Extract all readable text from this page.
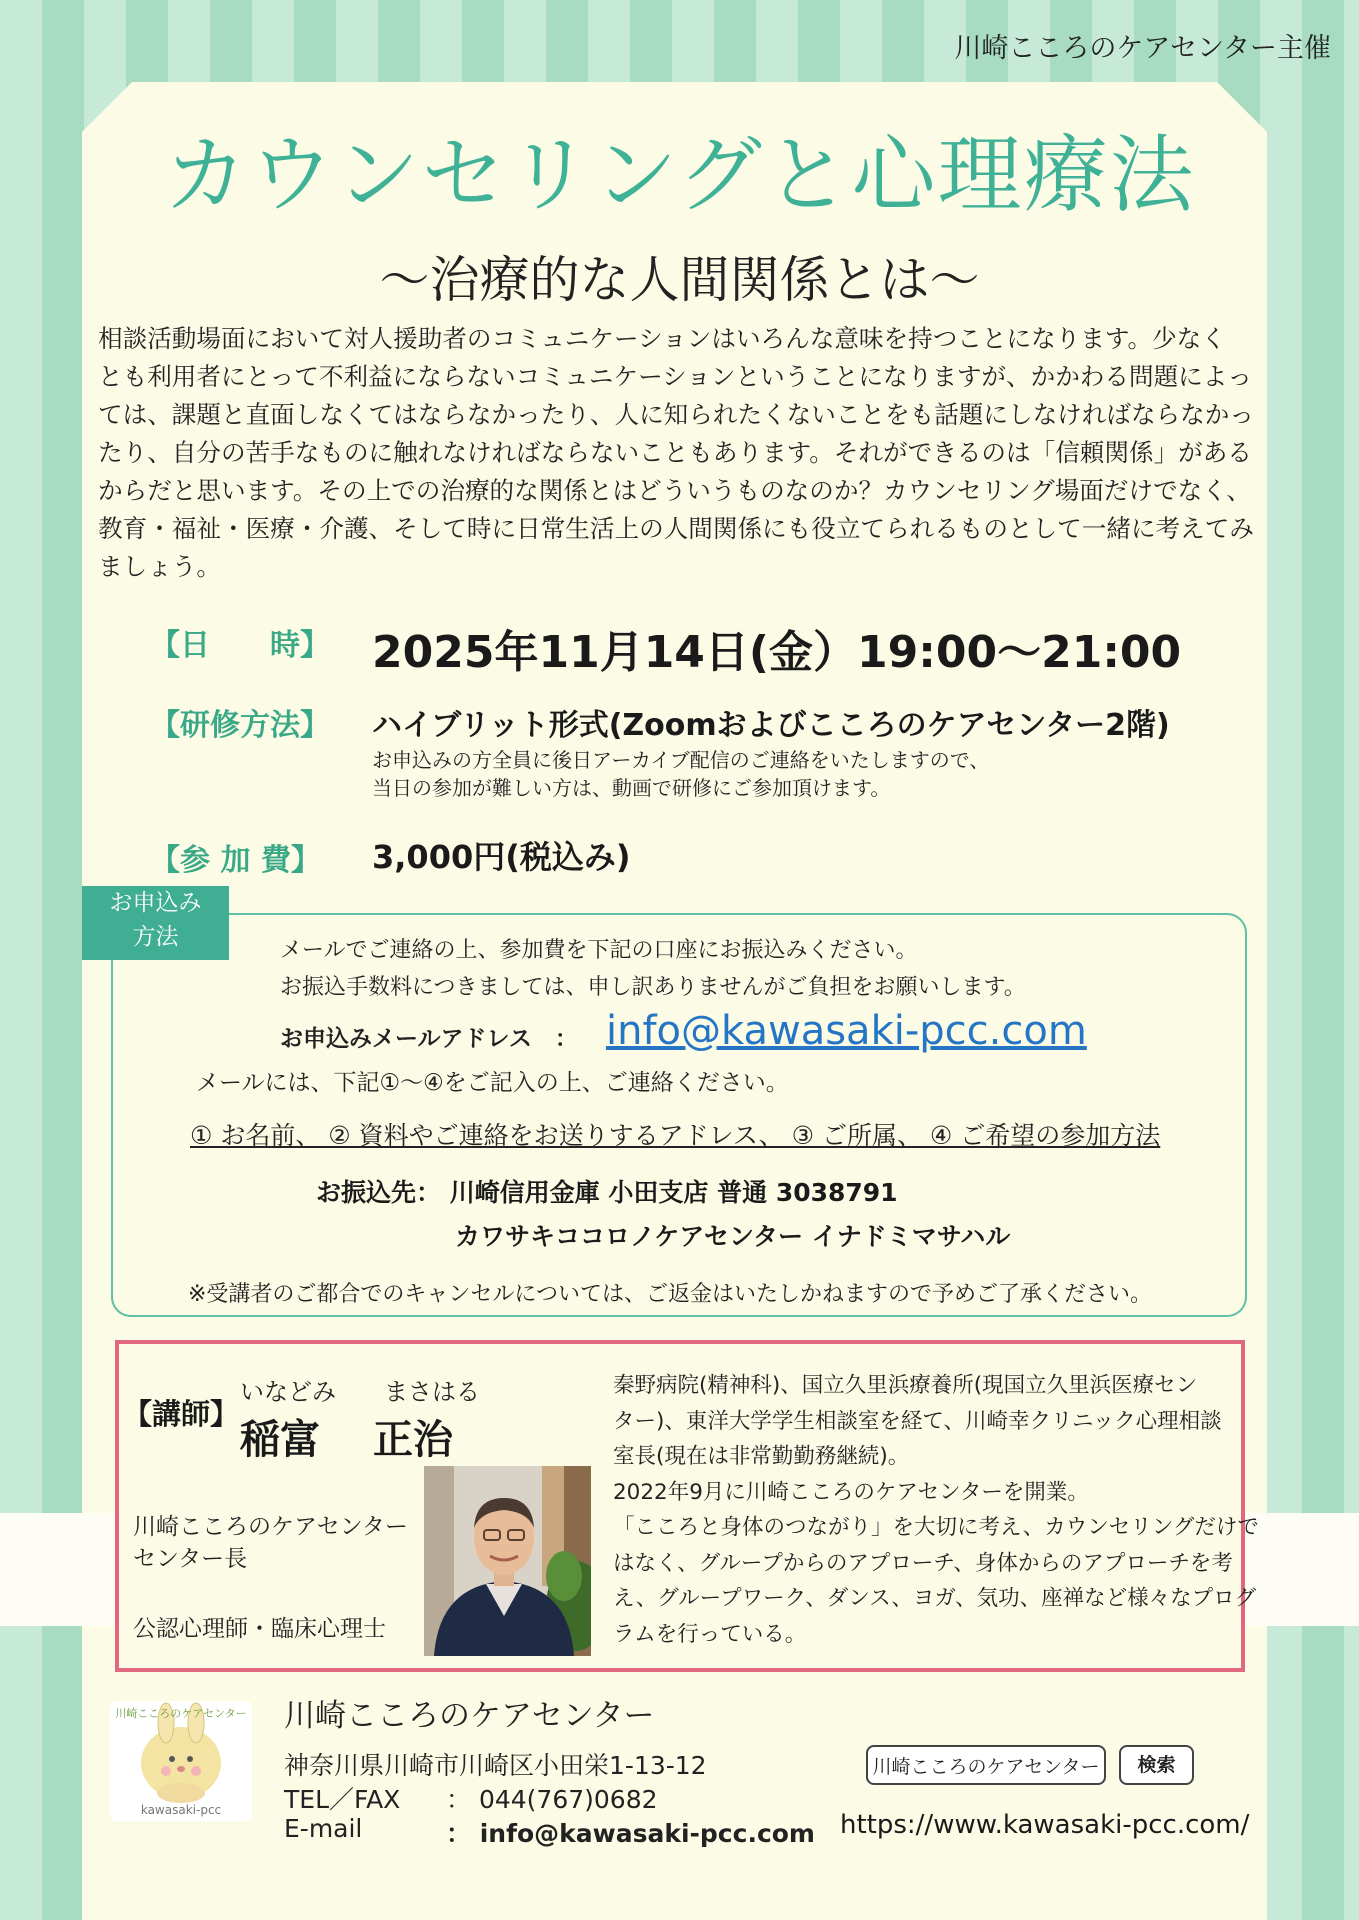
川崎こころのケアセンター主催
カウンセリングと心理療法
～治療的な人間関係とは～
相談活動場面において対人援助者のコミュニケーションはいろんな意味を持つことになります。少なく
とも利用者にとって不利益にならないコミュニケーションということになりますが、かかわる問題によっ
ては、課題と直面しなくてはならなかったり、人に知られたくないことをも話題にしなければならなかっ
たり、自分の苦手なものに触れなければならないこともあります。それができるのは「信頼関係」がある
からだと思います。その上での治療的な関係とはどういうものなのか？カウンセリング場面だけでなく、
教育・福祉・医療・介護、そして時に日常生活上の人間関係にも役立てられるものとして一緒に考えてみ
ましょう。
【日　　時】 2025年11月14日(金）19:00～21:00
【研修方法】 ハイブリット形式(Zoomおよびこころのケアセンター2階)
お申込みの方全員に後日アーカイブ配信のご連絡をいたしますので、
当日の参加が難しい方は、動画で研修にご参加頂けます。
【参 加 費】 3,000円(税込み)
お申込み
方法
メールでご連絡の上、参加費を下記の口座にお振込みください。
お振込手数料につきましては、申し訳ありませんがご負担をお願いします。
お申込みメールアドレス　： info@kawasaki-pcc.com
メールには、下記①～④をご記入の上、ご連絡ください。
① お名前、 ② 資料やご連絡をお送りするアドレス、 ③ ご所属、 ④ ご希望の参加方法
お振込先： 川崎信用金庫 小田支店 普通 3038791
カワサキココロノケアセンター イナドミマサハル
※受講者のご都合でのキャンセルについては、ご返金はいたしかねますので予めご了承ください。
【講師】
いなどみ まさはる
稲富 正治
川崎こころのケアセンター
センター長
公認心理師・臨床心理士
秦野病院(精神科)、国立久里浜療養所(現国立久里浜医療セン
ター)、東洋大学学生相談室を経て、川崎幸クリニック心理相談
室長(現在は非常勤勤務継続)。
2022年9月に川崎こころのケアセンターを開業。
「こころと身体のつながり」を大切に考え、カウンセリングだけで
はなく、グループからのアプローチ、身体からのアプローチを考
え、グループワーク、ダンス、ヨガ、気功、座禅など様々なプログ
ラムを行っている。
川崎こころのケアセンター
kawasaki-pcc
川崎こころのケアセンター
神奈川県川崎市川崎区小田栄1-13-12
TEL／FAX ： 044(767)0682
E-mail	： info@kawasaki-pcc.com
川崎こころのケアセンター	検索
https://www.kawasaki-pcc.com/
